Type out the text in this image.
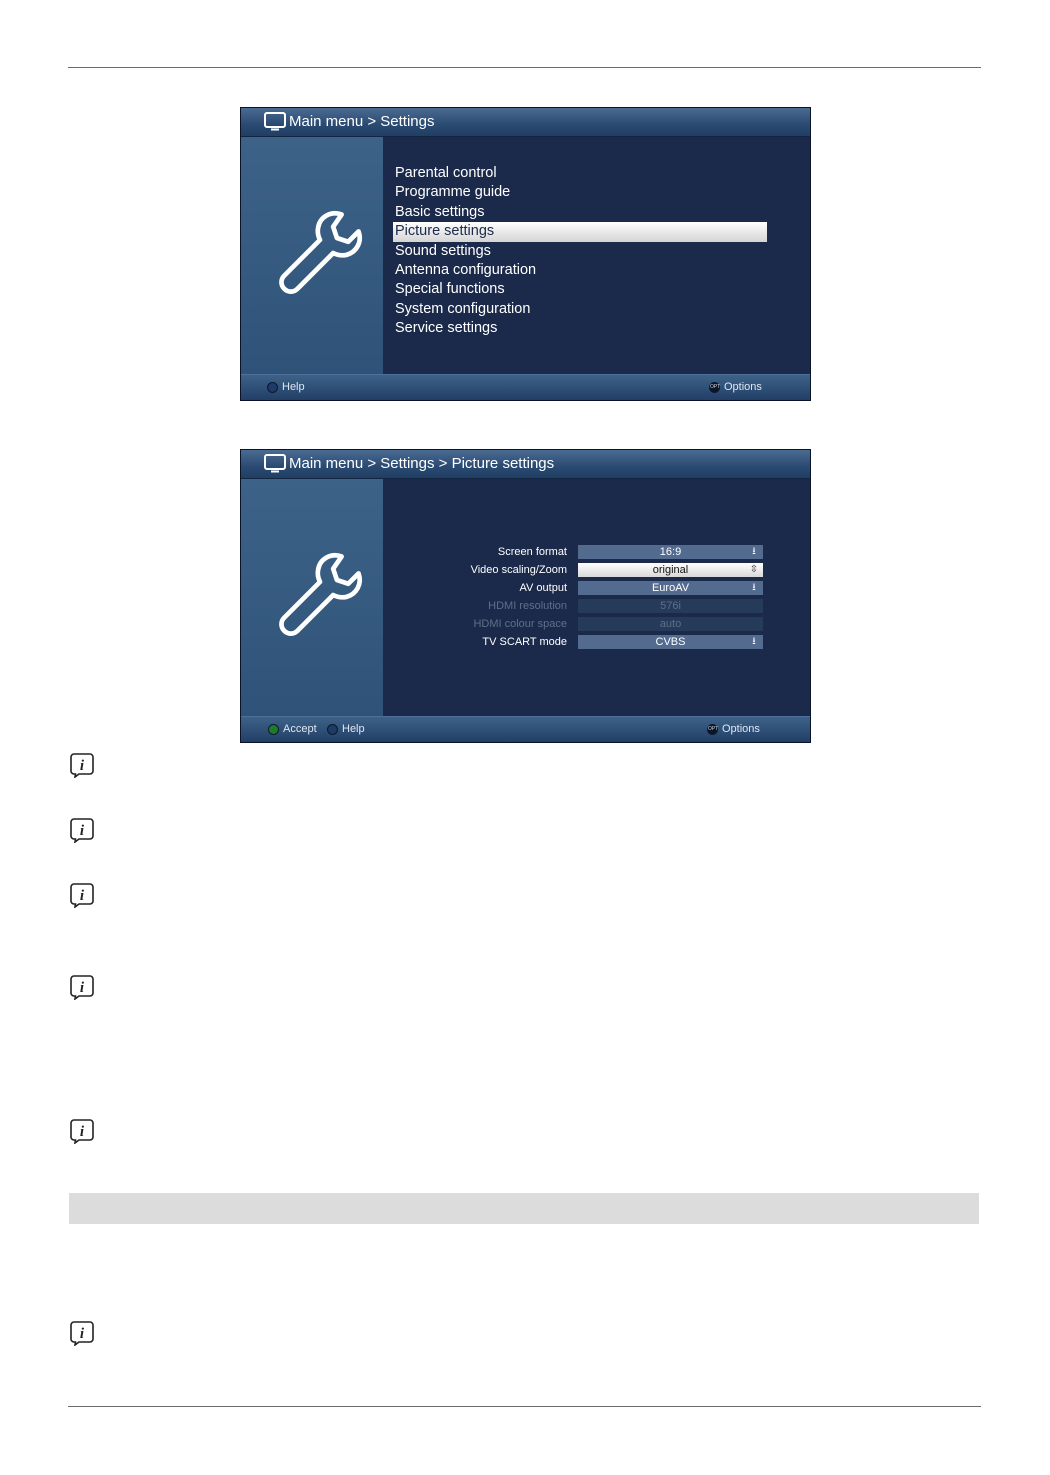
Main menu > Settings
Parental control
Programme guide
Basic settings
Picture settings
Sound settings
Antenna configuration
Special functions
System configuration
Service settings
Help	OPT Options
Main menu > Settings > Picture settings
Screen format	16:9	⭳
Video scaling/Zoom	original	⇳
AV output	EuroAV	⭳
HDMI resolution	576i
HDMI colour space	auto
TV SCART mode	CVBS	⭳
Accept Help	OPT Options
i
i
i
i
i
i
